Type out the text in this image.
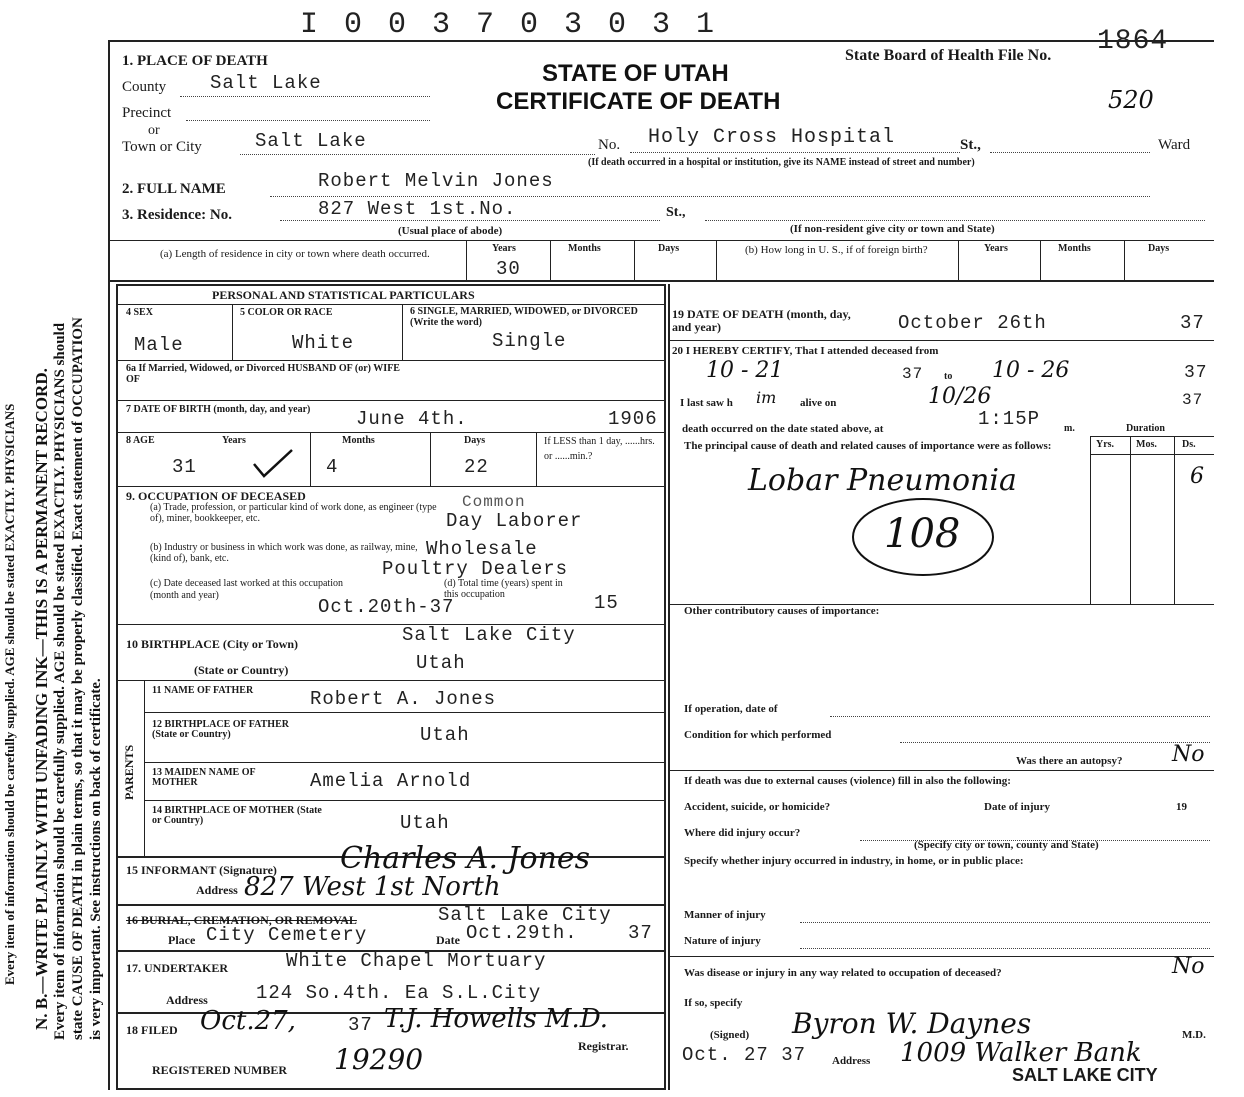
Every item of information should be carefully supplied. AGE should be stated EXACTLY. PHYSICIANS N. B.—WRITE PLAINLY WITH UNFADING INK—THIS IS A PERMANENT RECORD. Every item of information should be carefully supplied. AGE should be stated EXACTLY. PHYSICIANS should state CAUSE OF DEATH in plain terms, so that it may be properly classified. Exact statement of OCCUPATION is very important. See instructions on back of certificate.
I 0 0 3 7 0 3 0 3 1
1. PLACE OF DEATH	STATE OF UTAH
CERTIFICATE OF DEATH
State Board of Health File No. 1864
520
County Salt Lake
Precinct
or
Town or City	Salt Lake	No. Holy Cross Hospital	St.,	Ward
(If death occurred in a hospital or institution, give its NAME instead of street and number)
2. FULL NAME	Robert Melvin Jones
3. Residence: No.	827 West 1st.No.	St.,
(Usual place of abode)	(If non-resident give city or town and State)
(a) Length of residence in city or town where death occurred.	Years	Months	Days
30
(b) How long in U. S., if of foreign birth?	Years	Months	Days
PERSONAL AND STATISTICAL PARTICULARS
4 SEX	5 COLOR OR RACE	6 SINGLE, MARRIED, WIDOWED, or DIVORCED (Write the word)
Male	White	Single
6a If Married, Widowed, or Divorced HUSBAND OF (or) WIFE OF
7 DATE OF BIRTH (month, day, and year) June 4th.	1906
8 AGE	Years	Months	Days	If LESS than 1 day, ......hrs. or ......min.?
31	4	22
9. OCCUPATION OF DECEASED
(a) Trade, profession, or particular kind of work done, as engineer (type of), miner, bookkeeper, etc.
Common
Day Laborer
(b) Industry or business in which work was done, as railway, mine, (kind of), bank, etc.	Wholesale
Poultry Dealers
(c) Date deceased last worked at this occupation (month and year)
Oct.20th-37
(d) Total time (years) spent in this occupation	15
10 BIRTHPLACE (City or Town)	Salt Lake City
(State or Country)	Utah
PARENTS
11 NAME OF FATHER	Robert A. Jones
12 BIRTHPLACE OF FATHER (State or Country)	Utah
13 MAIDEN NAME OF MOTHER	Amelia Arnold
14 BIRTHPLACE OF MOTHER (State or Country)	Utah
15 INFORMANT (Signature) Charles A. Jones
Address 827 West 1st North
16 BURIAL, CREMATION, OR REMOVAL	Salt Lake City
Place City Cemetery	Date Oct.29th.	37
17. UNDERTAKER	White Chapel Mortuary
Address	124 So.4th. Ea S.L.City
18 FILED Oct.27,	37 T.J. Howells M.D.
Registrar.
REGISTERED NUMBER 19290
19 DATE OF DEATH (month, day, and year)	October 26th	37
20 I HEREBY CERTIFY, That I attended deceased from
10 - 21	37 to 10 - 26	37
I last saw h im alive on	10/26	37
death occurred on the date stated above, at	1:15P m.	Duration
The principal cause of death and related causes of importance were as follows:	Yrs. Mos.	Ds.
Lobar Pneumonia	6
108
Other contributory causes of importance:
If operation, date of
Condition for which performed
Was there an autopsy? No
If death was due to external causes (violence) fill in also the following:
Accident, suicide, or homicide?	Date of injury	19
Where did injury occur?
(Specify city or town, county and State)
Specify whether injury occurred in industry, in home, or in public place:
Manner of injury
Nature of injury
Was disease or injury in any way related to occupation of deceased?	No
If so, specify
(Signed) Byron W. Daynes	M.D.
Oct. 27 37 Address 1009 Walker Bank
SALT LAKE CITY
